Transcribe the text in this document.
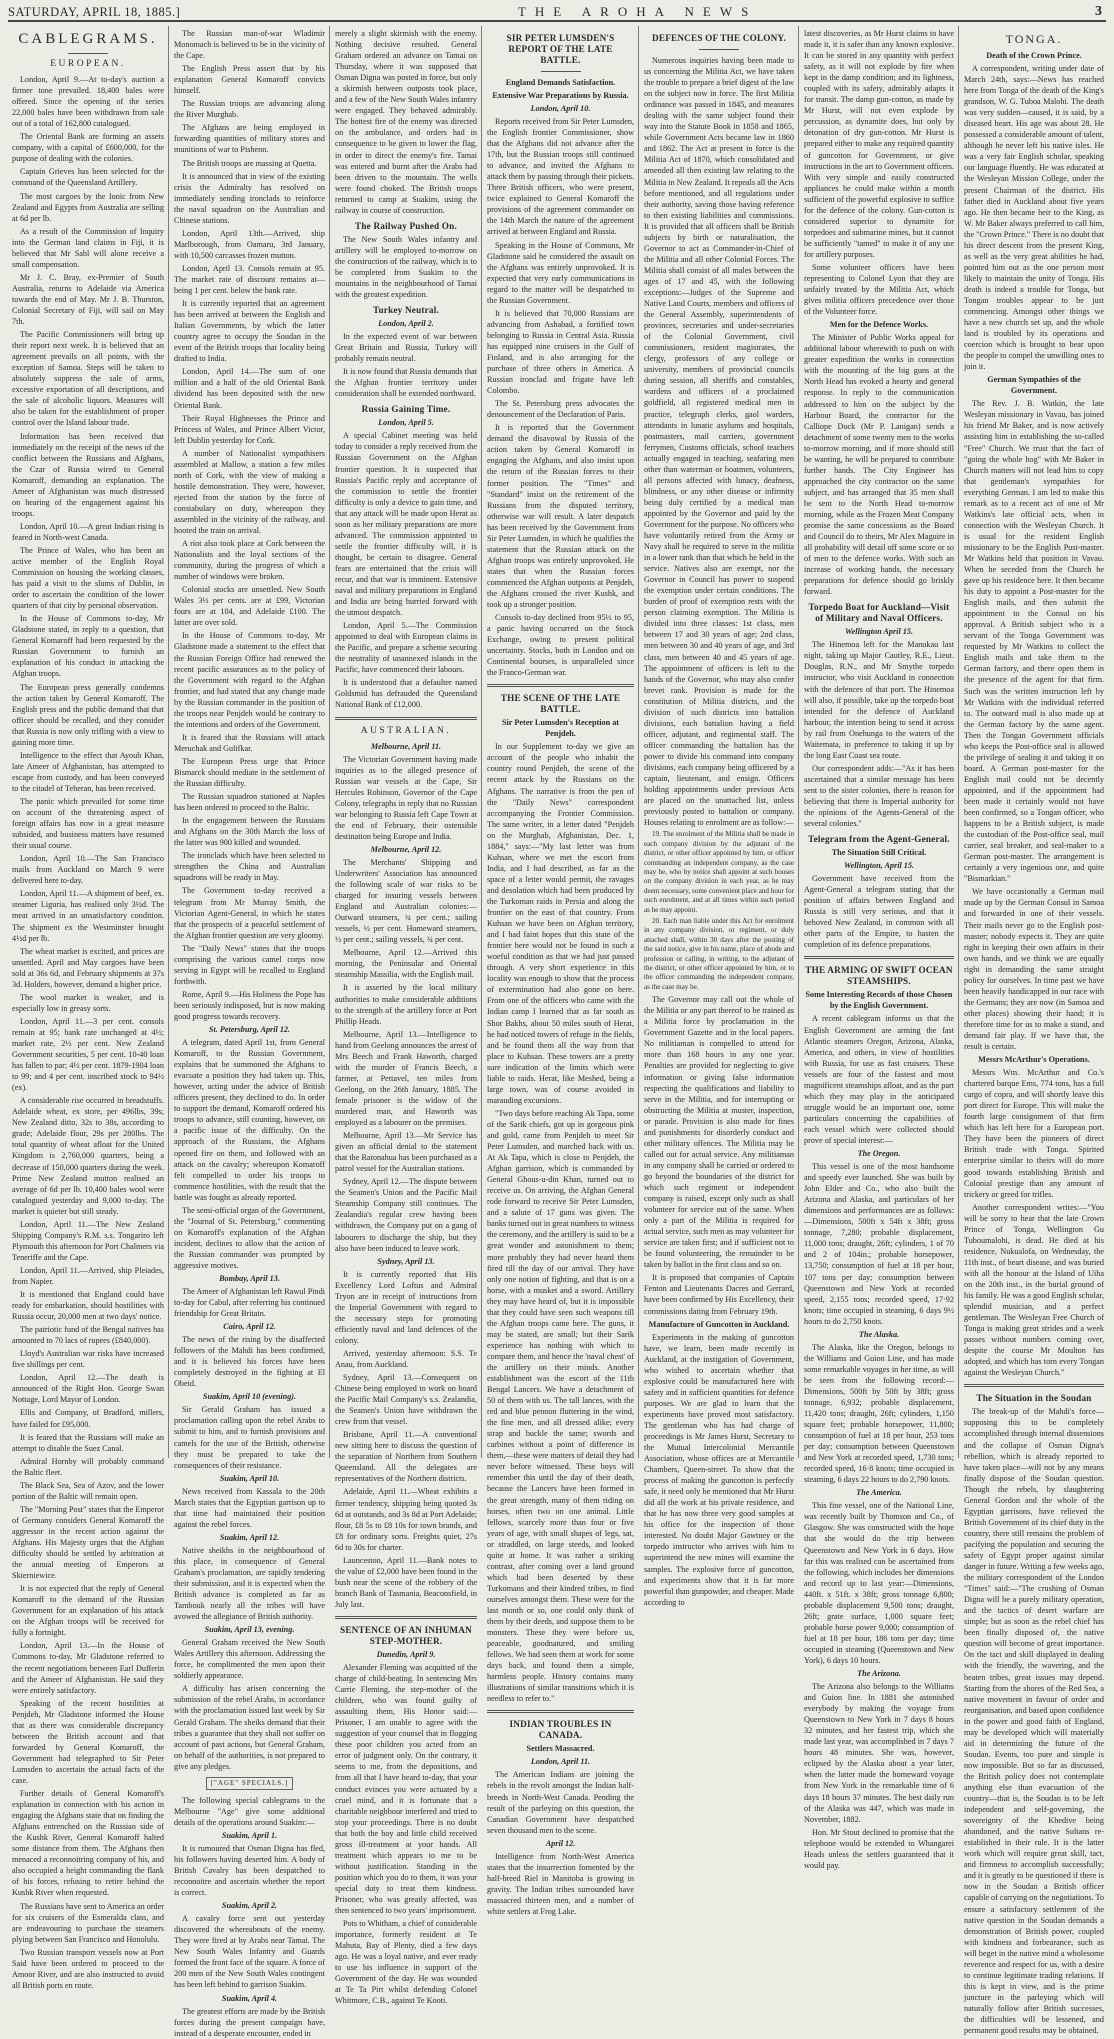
SATURDAY, APRIL 18, 1885.]	THE AROHA NEWS	3
CABLEGRAMS.
EUROPEAN.

London, April 9.—At to-day's auction a firmer tone prevailed. 18,400 bales were offered. Since the opening of the series 22,000 bales have been withdrawn from sale out of a total of 162,800 catalogued.

The Oriental Bank are forming an assets company, with a capital of £600,000, for the purpose of dealing with the colonies.

Captain Grieves has been selected for the command of the Queensland Artillery.

The most cargoes by the Ionic from New Zealand and Egypts from Australia are selling at 6d per lb.

As a result of the Commission of Inquiry into the German land claims in Fiji, it is believed that Mr Sahl will alone receive a small compensation.

Mr J. C. Bray, ex-Premier of South Australia, returns to Adelaide via America towards the end of May. Mr J. B. Thurston, Colonial Secretary of Fiji, will sail on May 7th.

The Pacific Commissioners will bring up their report next week. It is believed that an agreement prevails on all points, with the exception of Samoa. Steps will be taken to absolutely suppress the sale of arms, excessive exportation of all descriptions, and the sale of alcoholic liquors. Measures will also be taken for the establishment of proper control over the Island labour trade.

Information has been received that immediately on the receipt of the news of the conflict between the Russians and Afghans, the Czar of Russia wired to General Komaroff, demanding an explanation. The Ameer of Afghanistan was much distressed on hearing of the engagement against his troops.

London, April 10.—A great Indian rising is feared in North-west Canada.

The Prince of Wales, who has been an active member of the English Royal Commission on housing the working classes, has paid a visit to the slums of Dublin, in order to ascertain the condition of the lower quarters of that city by personal observation.

In the House of Commons to-day, Mr Gladstone stated, in reply to a question, that General Komaroff had been requested by the Russian Government to furnish an explanation of his conduct in attacking the Afghan troops.

The European press generally condemns the action taken by General Komaroff. The English press and the public demand that that officer should be recalled, and they consider that Russia is now only trifling with a view to gaining more time.

Intelligence to the effect that Ayoub Khan, late Ameer of Afghanistan, has attempted to escape from custody, and has been conveyed to the citadel of Teheran, has been received.

The panic which prevailed for some time on account of the threatening aspect of foreign affairs has now in a great measure subsided, and business matters have resumed their usual course.

London, April 10.—The San Francisco mails from Auckland on March 9 were delivered here to-day.

London, April 11.—A shipment of beef, ex. steamer Liguria, has realised only 3½d. The meat arrived in an unsatisfactory condition. The shipment ex the Westminster brought 4½d per lb.

The wheat market is excited, and prices are unsettled. April and May cargoes have been sold at 36s 6d, and February shipments at 37s 3d. Holders, however, demand a higher price.

The wool market is weaker, and is especially low in greasy sorts.

London, April 11.—3 per cent. consols remain at 95; bank rate unchanged at 4½; market rate, 2½ per cent. New Zealand Government securities, 5 per cent. 10-40 loan has fallen to par; 4½ per cent. 1879-1904 loan to 99; and 4 per cent. inscribed stock to 94½ (ex).

A considerable rise occurred in breadstuffs. Adelaide wheat, ex store, per 496lbs, 39s; New Zealand ditto, 32s to 38s, according to grade; Adelaide flour, 29s per 280lbs. The total quantity of wheat afloat for the United Kingdom is 2,760,000 quarters, being a decrease of 150,000 quarters during the week. Prime New Zealand mutton realised an average of 6d per lb. 10,400 bales wool were catalogued yesterday and 9,000 to-day. The market is quieter but still steady.

London, April 11.—The New Zealand Shipping Company's R.M. s.s. Tongariro left Plymouth this afternoon for Port Chalmers via Teneriffe and the Cape.

London, April 11.—Arrived, ship Pleiades, from Napier.

It is mentioned that England could have ready for embarkation, should hostilities with Russia occur, 20,000 men at two days' notice.

The patriotic fund of the Bengal natives has amounted to 70 lacs of rupees (£840,000).

Lloyd's Australian war risks have increased five shillings per cent.

London, April 12.—The death is announced of the Right Hon. George Swan Nottage, Lord Mayor of London.

Ellis and Company, of Bradford, millers, have failed for £95,000.

It is feared that the Russians will make an attempt to disable the Suez Canal.

Admiral Hornby will probably command the Baltic fleet.

The Black Sea, Sea of Azov, and the lower portion of the Baltic will remain open.

The "Morning Post" states that the Emperor of Germany considers General Komaroff the aggressor in the recent action against the Afghans. His Majesty urges that the Afghan difficulty should be settled by arbitration at the annual meeting of Emperors at Skierniewice.

It is not expected that the reply of General Komaroff to the demand of the Russian Government for an explanation of his attack on the Afghan troops will be received for fully a fortnight.

London, April 13.—In the House of Commons to-day, Mr Gladstone referred to the recent negotiations between Earl Dufferin and the Ameer of Afghanistan. He said they were entirely satisfactory.

Speaking of the recent hostilities at Penjdeh, Mr Gladstone informed the House that as there was considerable discrepancy between the British account and that forwarded by General Komaroff, the Government had telegraphed to Sir Peter Lumsden to ascertain the actual facts of the case.

Further details of General Komaroff's explanation in connection with his action in engaging the Afghans state that on finding the Afghans entrenched on the Russian side of the Kushk River, General Komaroff halted some distance from them. The Afghans then menaced a reconnoitring company of his, and also occupied a height commanding the flank of his forces, refusing to retire behind the Kushk River when requested.

The Russians have sent to America an order for six cruisers of the Esmeralda class, and are endeavouring to purchase the steamers plying between San Francisco and Honolulu.

Two Russian transport vessels now at Port Said have been ordered to proceed to the Amoor River, and are also instructed to avoid all British ports en route.

The Russian man-of-war Wladimir Monomach is believed to be in the vicinity of the Cape.

The English Press assert that by his explanation General Komaroff convicts himself.

The Russian troops are advancing along the River Murghab.

The Afghans are being employed in forwarding quantities of military stores and munitions of war to Pishenn.

The British troops are massing at Quetta.

It is announced that in view of the existing crisis the Admiralty has resolved on immediately sending ironclads to reinforce the naval squadron on the Australian and Chinese stations.

London, April 13th.—Arrived, ship Marlborough, from Oamaru, 3rd January, with 10,500 carcasses frozen mutton.

London, April 13. Consols remain at 95. The market rate of discount remains at—being 1 per cent. below the bank rate.

It is currently reported that an agreement has been arrived at between the English and Italian Governments, by which the latter country agree to occupy the Soudan in the event of the British troops that locality being drafted to India.

London, April 14.—The sum of one million and a half of the old Oriental Bank dividend has been deposited with the new Oriental Bank.

Their Royal Highnesses the Prince and Princess of Wales, and Prince Albert Victor, left Dublin yesterday for Cork.

A number of Nationalist sympathisers assembled at Mallow, a station a few miles north of Cork, with the view of making a hostile demonstration. They were, however, ejected from the station by the force of constabulary on duty, whereupon they assembled in the vicinity of the railway, and hooted the train on arrival.

A riot also took place at Cork between the Nationalists and the loyal sections of the community, during the progress of which a number of windows were broken.

Colonial stocks are unsettled. New South Wales 3½ per cents. are at £99, Victorian fours are at 104, and Adelaide £100. The latter are over sold.

In the House of Commons to-day, Mr Gladstone made a statement to the effect that the Russian Foreign Office had renewed the recent pacific assurances as to the policy of the Government with regard to the Afghan frontier, and had stated that any change made by the Russian commander in the position of the troops near Penjdeh would be contrary to the intentions and orders of the Government.

It is feared that the Russians will attack Meruchak and Gulifkar.

The European Press urge that Prince Bismarck should mediate in the settlement of the Russian difficulty.

The Russian squadron stationed at Naples has been ordered to proceed to the Baltic.

In the engagement between the Russians and Afghans on the 30th March the loss of the latter was 900 killed and wounded.

The ironclads which have been selected to strengthen the China and Australian squadrons will be ready in May.

The Government to-day received a telegram from Mr Murray Smith, the Victorian Agent-General, in which he states that the prospects of a peaceful settlement of the Afghan frontier question are very gloomy.

The "Daily News" states that the troops comprising the various camel corps now serving in Egypt will be recalled to England forthwith.

Rome, April 9.—His Holiness the Pope has been seriously indisposed, but is now making good progress towards recovery.

St. Petersburg, April 12.

A telegram, dated April 1st, from General Komaroff, to the Russian Government, explains that he summoned the Afghans to evacuate a position they had taken up. This, however, acting under the advice of British officers present, they declined to do. In order to support the demand, Komaroff ordered his troops to advance, still counting, however, on a pacific issue of the difficulty. On the approach of the Russians, the Afghans opened fire on them, and followed with an attack on the cavalry; whereupon Komaroff felt compelled to order his troops to commence hostilities, with the result that the battle was fought as already reported.

The semi-official organ of the Government, the "Journal of St. Petersburg," commenting on Komaroff's explanation of the Afghan incident, declines to allow that the action of the Russian commander was prompted by aggressive motives.

Bombay, April 13.

The Ameer of Afghanistan left Rawul Pindi to-day for Cabul, after referring his continued friendship for Great Britain.

Cairo, April 12.

The news of the rising by the disaffected followers of the Mahdi has been confirmed, and it is believed his forces have been completely destroyed in the fighting at El Obeid.

Suakim, April 10 (evening).

Sir Gerald Graham has issued a proclamation calling upon the rebel Arabs to submit to him, and to furnish provisions and camels for the use of the British, otherwise they must be prepared to take the consequences of their resistance.

Suakim, April 10.

News received from Kassala to the 20th March states that the Egyptian garrison up to that time had maintained their position against the rebel forces.

Suakim, April 12.

Native sheikhs in the neighbourhood of this place, in consequence of General Graham's proclamation, are rapidly tendering their submission, and it is expected when the British advance is completed as far as Tambouk nearly all the tribes will have avowed the allegiance of British authority.

Suakim, April 13, evening.

General Graham received the New South Wales Artillery this afternoon. Addressing the force, he complimented the men upon their soldierly appearance.

A difficulty has arisen concerning the submission of the rebel Arabs, in accordance with the proclamation issued last week by Sir Gerald Graham. The sheiks demand that their tribes a guarantee that they shall not suffer on account of past actions, but General Graham, on behalf of the authorities, is not prepared to give any pledges.

["AGE" SPECIALS.]

The following special cablegrams to the Melbourne "Age" give some additional details of the operations around Suakim:—

Suakim, April 1.

It is rumoured that Osman Digna has fled, his followers having deserted him. A body of British Cavalry has been despatched to reconnoitre and ascertain whether the report is correct.

Suakim, April 2.

A cavalry force sent out yesterday discovered the whereabouts of the enemy. They were fired at by Arabs near Tamai. The New South Wales Infantry and Guards formed the front face of the square. A force of 200 men of the New South Wales contingent has been left behind to garrison Suakim.

Suakim, April 4.

The greatest efforts are made by the British forces during the present campaign have, instead of a desperate encounter, ended in

merely a slight skirmish with the enemy. Nothing decisive resulted. General Graham ordered an advance on Tamai on Thursday, where it was supposed that Osman Digna was posted in force, but only a skirmish between outposts took place, and a few of the New South Wales infantry were engaged. They behaved admirably. The hottest fire of the enemy was directed on the ambulance, and orders had in consequence to be given to lower the flag, in order to direct the enemy's fire. Tamai was entered and burnt after the Arabs had been driven to the mountain. The wells were found choked. The British troops returned to camp at Suakim, using the railway in course of construction.

The Railway Pushed On.

The New South Wales infantry and artillery will be employed to-morrow on the construction of the railway, which is to be completed from Suakim to the mountains in the neighbourhood of Tamai with the greatest expedition.

Turkey Neutral.
London, April 2.

In the expected event of war between Great Britain and Russia, Turkey will probably remain neutral.

It is now found that Russia demands that the Afghan frontier territory under consideration shall be extended northward.

Russia Gaining Time.
London, April 5.

A special Cabinet meeting was held today to consider a reply received from the Russian Government on the Afghan frontier question. It is suspected that Russia's Pacific reply and acceptance of the commission to settle the frontier difficulty is only a device to gain time, and that any attack will be made upon Herat as soon as her military preparations are more advanced. The commission appointed to settle the frontier difficulty will, it is thought, be certain to disagree. General fears are entertained that the crisis will recur, and that war is imminent. Extensive naval and military preparations in England and India are being hurried forward with the utmost despatch.

London, April 5.—The Commission appointed to deal with European claims in the Pacific, and prepare a scheme securing the neutrality of unannexed islands in the Pacific, have commenced their labours.

It is understood that a defaulter named Goldsmid has defrauded the Queensland National Bank of £12,000.

AUSTRALIAN.
Melbourne, April 11.

The Victorian Government having made inquiries as to the alleged presence of Russian war vessels at the Cape, Sir Hercules Robinson, Governor of the Cape Colony, telegraphs in reply that no Russian war belonging to Russia left Cape Town at the end of February, their ostensible destination being Europe and India.

Melbourne, April 12.

The Merchants' Shipping and Underwriters' Association has announced the following scale of war risks to be charged for insuring vessels between England and Australian colonies:—Outward steamers, ¾ per cent.; sailing vessels, ½ per cent. Homeward steamers, ½ per cent.; sailing vessels, ¾ per cent.

Melbourne, April 12.—Arrived this morning, the Peninsular and Oriental steamship Massilia, with the English mail.

It is asserted by the local military authorities to make considerable additions to the strength of the artillery force at Port Phillip Heads.

Melbourne, April 13.—Intelligence to hand from Geelong announces the arrest of Mrs Beech and Frank Haworth, charged with the murder of Francis Beech, a farmer, at Pettavel, ten miles from Geelong, on the 26th January, 1885. The female prisoner is the widow of the murdered man, and Haworth was employed as a labourer on the premises.

Melbourne, April 13.—Mr Service has given an official denial to the statement that the Ratonahua has been purchased as a patrol vessel for the Australian stations.

Sydney, April 12.—The dispute between the Seamen's Union and the Pacific Mail Steamship Company still continues. The Zealandia's regular crew having been withdrawn, the Company put on a gang of labourers to discharge the ship, but they also have been induced to leave work.

Sydney, April 13.

It is currently reported that His Excellency Lord Loftus and Admiral Tryon are in receipt of instructions from the Imperial Government with regard to the necessary steps for promoting efficiently naval and land defences of the colony.

Arrived, yesterday afternoon: S.S. Te Anau, from Auckland.

Sydney, April 13.—Consequent on Chinese being employed to work on board the Pacific Mail Company's s.s. Zealandia, the Seamen's Union have withdrawn the crew from that vessel.

Brisbane, April 11.—A conventional new sitting here to discuss the question of the separation of Northern from Southern Queensland. All the delegates are representatives of the Northern districts.

Adelaide, April 11.—Wheat exhibits a firmer tendency, shipping being quoted 3s 6d at outstands, and 3s 8d at Port Adelaide; flour, £8 5s to £8 10s for town brands, and £8 for ordinary sorts. Freights quiet, 27s 6d to 30s for charter.

Launceston, April 11.—Bank notes to the value of £2,000 have been found in the bush near the scene of the robbery of the branch Bank of Tasmania, Beaconsfield, in July last.

SENTENCE OF AN INHUMAN STEP-MOTHER.
Dunedin, April 9.

Alexander Fleming was acquitted of the charge of child-beating. In sentencing Mrs Carrie Fleming, the step-mother of the children, who was found guilty of assaulting them, His Honor said:—Prisoner, I am unable to agree with the suggestion of your counsel that in flogging these poor children you acted from an error of judgment only. On the contrary, it seems to me, from the depositions, and from all that I have heard to-day, that your conduct evinces you were actuated by a cruel mind, and it is fortunate that a charitable neighbour interfered and tried to stop your proceedings. There is no doubt that both the boy and little child received gross ill-treatment at your hands. All treatment which appears to me to be without justification. Standing in the position which you do to them, it was your special duty to treat them kindness. Prisoner, who was greatly affected, was then sentenced to two years' imprisonment.

Pots to Whitham, a chief of considerable importance, formerly resident at Te Mahuta, Bay of Plenty, died a few days ago. He was a loyal native, and ever ready to use his influence in support of the Government of the day. He was wounded at Te Ta Pirt whilst defending Colonel Whitmore, C.B., against Te Kooti.

SIR PETER LUMSDEN'S REPORT OF THE LATE BATTLE.
England Demands Satisfaction.
Extensive War Preparations by Russia.
London, April 10.

Reports received from Sir Peter Lumsden, the English frontier Commissioner, show that the Afghans did not advance after the 17th, but the Russian troops still continued to advance, and invited the Afghans to attack them by passing through their pickets. Three British officers, who were present, twice explained to General Komaroff the provisions of the agreement commander on the 14th March the nature of the agreement arrived at between England and Russia.

Speaking in the House of Commons, Mr Gladstone said he considered the assault on the Afghans was entirely unprovoked. It is expected that very early communications in regard to the matter will be despatched to the Russian Government.

It is believed that 70,000 Russians are advancing from Ashabad, a fortified town belonging to Russia in Central Asia. Russia has equipped nine cruisers in the Gulf of Finland, and is also arranging for the purchase of three others in America. A Russian ironclad and frigate have left Colombo.

The St. Petersburg press advocates the denouncement of the Declaration of Paris.

It is reported that the Government demand the disavowal by Russia of the action taken by General Komaroff in engaging the Afghans, and also insist upon the return of the Russian forces to their former position. The "Times" and "Standard" insist on the retirement of the Russians from the disputed territory, otherwise war will result. A later despatch has been received by the Government from Sir Peter Lumsden, in which he qualifies the statement that the Russian attack on the Afghan troops was entirely unprovoked. He states that when the Russian forces commenced the Afghan outposts at Penjdeh, the Afghans crossed the river Kushk, and took up a stronger position.

Consols to-day declined from 95½ to 95, a panic having occurred on the Stock Exchange, owing to present political uncertainty. Stocks, both in London and on Continental bourses, is unparalleled since the Franco-German war.

THE SCENE OF THE LATE BATTLE.
Sir Peter Lumsden's Reception at Penjdeh.

In our Supplement to-day we give an account of the people who inhabit the country round Penjdeh, the scene of the recent attack by the Russians on the Afghans. The narrative is from the pen of the "Daily News" correspondent accompanying the Frontier Commission. The same writer, in a letter dated "Penjdeh on the Murghab, Afghanistan, Dec. 1, 1884," says:—"My last letter was from Kuhsan, where we met the escort from India, and I had described, as far as the space of a letter would permit, the ravages and desolation which had been produced by the Turkoman raids in Persia and along the frontier on the east of that country. From Kuhsan we have been on Afghan territory, and I had faint hopes that this state of the frontier here would not be found in such a woeful condition as that we had just passed through. A very short experience in this locality was enough to show that the process of extermination had also gone on here. From one of the officers who came with the Indian camp I learned that as far south as Shor Bakhs, about 50 miles south of Herat, he had noticed towers of refuge in the fields, and he found them all the way from that place to Kuhsan. These towers are a pretty sure indication of the limits which were liable to raids. Herat, like Meshed, being a large town, was of course avoided in marauding excursions.

"Two days before reaching Ak Tapa, some of the Sarik chiefs, got up in gorgeous pink and gold, came from Penjdeh to meet Sir Peter Lumsden, and marched back with us. At Ak Tapa, which is close to Penjdeh, the Afghan garrison, which is commanded by General Ghous-u-din Khan, turned out to receive us. On arriving, the Afghan General rode forward to receive Sir Peter Lumsden, and a salute of 17 guns was given. The banks turned out in great numbers to witness the ceremony, and the artillery is said to be a great wonder and astonishment to them; more probably they had never heard them fired till the day of our arrival. They have only one notion of fighting, and that is on a horse, with a musket and a sword. Artillery they may have heard of, but it is impossible that they could have seen such weapons till the Afghan troops came here. The guns, it may be stated, are small; but their Sarik experience has nothing with which to compare them, and hence the 'naval chest' of the artillery on their minds. Another establishment was the escort of the 11th Bengal Lancers. We have a detachment of 50 of them with us. The tall lances, with the red and blue pennon fluttering in the wind, the fine men, and all dressed alike; every strap and buckle the same; swords and carbines without a point of difference in them,—these were matters of detail they had never before witnessed. These boys will remember this until the day of their death, because the Lancers have been formed in the great strength, many of them riding on horses, often two on one animal. Little fellows, scarcely more than four or five years of age, with small shapes of legs, sat, or straddled, on large steeds, and looked quite at home. It was rather a striking contrast, after coming over a land ground which had been deserted by these Turkomans and their kindred tribes, to find ourselves amongst them. These were for the last month or so, one could only think of them by their deeds, and suppose them to be monsters. These they were before us, peaceable, goodnatured, and smiling fellows. We had seen them at work for some days back, and found them a simple, harmless people. History contains many illustrations of similar transitions which it is needless to refer to."

INDIAN TROUBLES IN CANADA.
Settlers Massacred.
London, April 11.

The American Indians are joining the rebels in the revolt amongst the Indian half-breeds in North-West Canada. Pending the result of the parleying on this question, the Canadian Government have despatched seven thousand men to the scene.

April 12.

Intelligence from North-West America states that the insurrection fomented by the half-breed Riel in Manitoba is growing in gravity. The Indian tribes surrounded have massacred thirteen men, and a number of white settlers at Frog Lake.

DEFENCES OF THE COLONY.

Numerous inquiries having been made to us concerning the Militia Act, we have taken the trouble to prepare a brief digest of the law on the subject now in force. The first Militia ordinance was passed in 1845, and measures dealing with the same subject found their way into the Statute Book in 1858 and 1865, while Government Acts became law in 1860 and 1862. The Act at present in force is the Militia Act of 1870, which consolidated and amended all then existing law relating to the Militia in New Zealand. It repeals all the Acts before mentioned, and all regulations under their authority, saving those having reference to then existing liabilities and commissions. It is provided that all officers shall be British subjects by birth or naturalisation, the Governor to act as Commander-in-Chief of the Militia and all other Colonial Forces. The Militia shall consist of all males between the ages of 17 and 45, with the following exceptions:—Judges of the Supreme and Native Land Courts, members and officers of the General Assembly, superintendents of provinces, secretaries and under-secretaries of the Colonial Government, civil commissioners, resident magistrates, the clergy, professors of any college or university, members of provincial councils during session, all sheriffs and constables, wardens and officers of a proclaimed goldfield, all registered medical men in practice, telegraph clerks, gaol warders, attendants in lunatic asylums and hospitals, postmasters, mail carriers, government ferrymen, Customs officials, school teachers actually engaged in teaching, seafaring men other than waterman or boatmen, volunteers, all persons affected with lunacy, deafness, blindness, or any other disease or infirmity being duly certified by a medical man appointed by the Governor and paid by the Government for the purpose. No officers who have voluntarily retired from the Army or Navy shall be required to serve in the militia in a lower rank than that which he held in the service. Natives also are exempt, nor the Governor in Council has power to suspend the exemption under certain conditions. The burden of proof of exemption rests with the person claiming exemption. The Militia is divided into three classes: 1st class, men between 17 and 30 years of age; 2nd class, men between 30 and 40 years of age, and 3rd class, men between 40 and 45 years of age. The appointment of officers is left to the hands of the Governor, who may also confer brevet rank. Provision is made for the constitution of Militia districts, and the division of such districts into battalion divisions, each battalion having a field officer, adjutant, and regimental staff. The officer commanding the battalion has the power to divide his command into company divisions, each company being officered by a captain, lieutenant, and ensign. Officers holding appointments under previous Acts are placed on the unattached list, unless previously posted to battalion or company. Houses relating to enrolment are as follow:—

19. The enrolment of the Militia shall be made in each company division by the adjutant of the district, or other officer appointed by him, or officer commanding an independent company, as the case may be, who by notice shall appoint at such houses on the company division in each year, as he may deem necessary, some convenient place and hour for such enrolment, and at all times within such period as he may appoint.

20. Each man liable under this Act for enrolment in any company division, or regiment, or duly attached shall, within 30 days after the posting of the said notice, give in his name, place of abode and profession or calling, in writing, to the adjutant of the district, or other officer appointed by him, or to the officer commanding the independent company, as the case may be.

The Governor may call out the whole of the Militia or any part thereof to be trained as a Militia force by proclamation in the Government Gazette and in the local papers. No militiaman is compelled to attend for more than 168 hours in any one year. Penalties are provided for neglecting to give information or giving false information respecting the qualifications and liability to serve in the Militia, and for interrupting or obstructing the Militia at muster, inspection, or parade. Provision is also made for fines and punishments for disorderly conduct and other military offences. The Militia may be called out for actual service. Any militiaman in any company shall be carried or ordered to go beyond the boundaries of the district for which such regiment or independent company is raised, except only such as shall volunteer for service out of the same. When only a part of the Militia is required for actual service, such men as may volunteer for service are taken first; and if sufficient not to be found volunteering, the remainder to be taken by ballot in the first class and so on.

It is proposed that companies of Captain Fenton and Lieutenants Dacres and Gerrard, have been confirmed by His Excellency, their commissions dating from February 19th.

Manufacture of Guncotton in Auckland.

Experiments in the making of guncotton have, we learn, been made recently in Auckland, at the instigation of Government, who wished to ascertain whether that explosive could be manufactured here with safety and in sufficient quantities for defence purposes. We are glad to learn that the experiments have proved most satisfactory. The gentleman who has had charge of proceedings is Mr James Hurst, Secretary to the Mutual Intercolonial Mercantile Association, whose offices are at Mercantile Chambers, Queen-street. To show that the process of making the guncotton is perfectly safe, it need only be mentioned that Mr Hurst did all the work at his private residence, and that he has now three very good samples at his office for the inspection of those interested. No doubt Major Gawtney or the torpedo instructor who arrives with him to superintend the new mines will examine the samples. The explosive force of guncotton, and experiments show that it is far more powerful than gunpowder, and cheaper. Made according to

latest discoveries, as Mr Hurst claims to have made it, it is safer than any known explosive. It can be stored in any quantity with perfect safety, as it will not explode by fire when kept in the damp condition; and its lightness, coupled with its safety, admirably adapts it for transit. The damp gun-cotton, as made by Mr Hurst, will not even explode by percussion, as dynamite does, but only by detonation of dry gun-cotton. Mr Hurst is prepared either to make any required quantity of guncotton for Government, or give instructions in the art to Government officers. With very simple and easily constructed appliances he could make within a month sufficient of the powerful explosive to suffice for the defence of the colony. Gun-cotton is considered superior to dynamite for torpedoes and submarine mines, but it cannot be sufficiently "tamed" to make it of any use for artillery purposes.

Some volunteer officers have been representing to Colonel Lyon that they are unfairly treated by the Militia Act, which gives militia officers precedence over those of the Volunteer force.

Men for the Defence Works.

The Minister of Public Works appeal for additional labour wherewith to push on with greater expedition the works in connection with the mounting of the big guns at the North Head has evoked a hearty and general response. In reply to the communication addressed to him on the subject by the Harbour Board, the contractor for the Calliope Dock (Mr P. Lanigan) sends a detachment of some twenty men to the works to-morrow morning, and if more should still be wanting, he will be prepared to contribute further hands. The City Engineer has approached the city contractor on the same subject, and has arranged that 35 men shall be sent to the North Head to-morrow morning, while as the Frozen Meat Company promise the same concessions as the Board and Council do to theirs, Mr Alex Maguire in all probability will detail off some score or so of men to the defence works. With such an increase of working hands, the necessary preparations for defence should go briskly forward.

Torpedo Boat for Auckland—Visit of Military and Naval Officers.
Wellington April 15.

The Hinemoa left for the Manukau last night, taking up Major Cautley, R.E., Lieut. Douglas, R.N., and Mr Smythe torpedo instructor, who visit Auckland in connection with the defences of that port. The Hinemoa will also, if possible, take up the torpedo boat intended for the defence of Auckland harbour, the intention being to send it across by rail from Onehunga to the waters of the Waitemata, in preference to taking it up by the long East Coast sea route.

Our correspondent adds:—"As it has been ascertained that a similar message has been sent to the sister colonies, there is reason for believing that there is Imperial authority for the opinions of the Agents-General of the several colonies."

Telegram from the Agent-General.
The Situation Still Critical.
Wellington, April 15.

Government have received from the Agent-General a telegram stating that the position of affairs between England and Russia is still very serious, and that it behoved New Zealand, in common with all other parts of the Empire, to hasten the completion of its defence preparations.

THE ARMING OF SWIFT OCEAN STEAMSHIPS.
Some Interesting Records of those Chosen by the English Government.

A recent cablegram informs us that the English Government are arming the fast Atlantic steamers Oregon, Arizona, Alaska, America, and others, in view of hostilities with Russia, for use as fast cruisers. These vessels are four of the fastest and most magnificent steamships afloat, and as the part which they may play in the anticipated struggle would be an important one, some particulars concerning the capabilities of each vessel which were collected should prove of special interest:—

The Oregon.

This vessel is one of the most handsome and speedy ever launched. She was built by John Elder and Co., who also built the Arizona and Alaska, and particulars of her dimensions and performances are as follows:—Dimensions, 500ft x 54ft x 38ft; gross tonnage, 7,280; probable displacement, 11,000 tons; draught, 26ft; cylinders, 1 of 70 and 2 of 104in.; probable horsepower, 13,750; consumption of fuel at 18 per hour, 107 tons per day; consumption between Queenstown and New York at recorded speed, 2,155 tons; recorded speed, 17·92 knots; time occupied in steaming, 6 days 9½ hours to do 2,750 knots.

The Alaska.

The Alaska, like the Oregon, belongs to the Williams and Guion Line, and has made some remarkable voyages in her time, as will be seen from the following record:—Dimensions, 500ft by 50ft by 38ft; gross tonnage, 6,932; probable displacement, 11,420 tons; draught, 26ft; cylinders, 1,150 square feet; probable horsepower, 11,800; consumption of fuel at 18 per hour, 253 tons per day; consumption between Queenstown and New York at recorded speed, 1,730 tons; recorded speed, 16·8 knots; time occupied in steaming, 6 days 22 hours to do 2,790 knots.

The America.

This fine vessel, one of the National Line, was recently built by Thomson and Co., of Glasgow. She was constructed with the hope that she would do the trip between Queenstown and New York in 6 days. How far this was realised can be ascertained from the following, which includes her dimensions and record up to last year:—Dimensions, 440ft. x 51ft. x 38ft; gross tonnage 6,800; probable displacement 9,500 tons; draught, 26ft; grate surface, 1,000 square feet; probable horse power 9,000; consumption of fuel at 18 per hour, 186 tons per day; time occupied in steaming (Queenstown and New York), 6 days 10 hours.

The Arizona.

The Arizona also belongs to the Williams and Guion line. In 1881 she astonished everybody by making the voyage from Queenstown to New York in 7 days 8 hours 32 minutes, and her fastest trip, which she made last year, was accomplished in 7 days 7 hours 48 minutes. She was, however, eclipsed by the Alaska about a year later, when the latter made the homeward voyage from New York in the remarkable time of 6 days 18 hours 37 minutes. The best daily run of the Alaska was 447, which was made in November, 1882.

Hon. Mr Stout declined to promise that the telephone would be extended to Whangarei Heads unless the settlers guaranteed that it would pay.

TONGA.
Death of the Crown Prince.

A correspondent, writing under date of March 24th, says:—News has reached here from Tonga of the death of the King's grandson, W. G. Tuboa Malohi. The death was very sudden—caused, it is said, by a diseased heart. His age was about 28. He possessed a considerable amount of talent, although he never left his native isles. He was a very fair English scholar, speaking our language fluently. He was educated at the Wesleyan Mission College, under the present Chairman of the district. His father died in Auckland about five years ago. He then became heir to the King, as W. Mr Baker always preferred to call him, the "Crown Prince." There is no doubt that his direct descent from the present King, as well as the very great abilities he had, pointed him out as the one person most likely to maintain the unity of Tonga. His death is indeed a trouble for Tonga, but Tongan troubles appear to be just commencing. Amongst other things we have a new church set up, and the whole land is troubled by its operations and coercion which is brought to bear upon the people to compel the unwilling ones to join it.

German Sympathies of the Government.

The Rev. J. B. Watkin, the late Wesleyan missionary in Vavau, has joined his friend Mr Baker, and is now actively assisting him in establishing the so-called "Free" Church. We trust that the fact of "going the whole hog" with Mr Baker in Church matters will not lead him to copy that gentleman's sympathies for everything German. I am led to make this remark as to a recent act of one of Mr Watkins's late official acts, when in connection with the Wesleyan Church. It is usual for the resident English missionary to be the English Post-master. Mr Watkins held that position in Vavau. When he seceded from the Church he gave up his residence here. It then became his duty to appoint a Post-master for the English mails, and then submit the appointment to the Consul on his approval. A British subject who is a servant of the Tonga Government was requested by Mr Watkins to collect the English mails and take them to the German factory, and there open them in the presence of the agent for that firm. Such was the written instruction left by Mr Watkins with the individual referred to. The outward mail is also made up at the German factory by the same agent. Then the Tongan Government officials who keeps the Post-office seal is allowed the privilege of sealing it and taking it on board. A German post-master for the English mail could not be decently appointed, and if the appointment had been made it certainly would not have been confirmed, so a Tongan officer, who happens to be a British subject, is made the custodian of the Post-office seal, mail carrier, seal breaker, and seal-maker to a German post-master. The arrangement is certainly a very ingenious one, and quite "Bismarkian."

We have occasionally a German mail made up by the German Consul in Samoa and forwarded in one of their vessels. Their mails never go to the English post-master; nobody expects it. They are quite right in keeping their own affairs in their own hands, and we think we are equally right in demanding the same straight policy for ourselves. In time past we have been heavily handicapped in our race with the Germans; they are now (in Samoa and other places) showing their hand; it is therefore time for us to make a stand, and demand fair play. If we have that, the result is certain.

Messrs McArthur's Operations.

Messrs Wm. McArthur and Co.'s chartered barque Ems, 774 tons, has a full cargo of copra, and will shortly leave this port direct for Europe. This will make the fourth large consignment of that firm which has left here for a European port. They have been the pioneers of direct British trade with Tonga. Spirited enterprise similar to theirs will do more good towards establishing British and Colonial prestige than any amount of trickery or greed for trifles.

Another correspondent writes:—"You will be sorry to hear that the late Crown Prince of Tonga, Wellington Gu Tuboumalohi, is dead. He died at his residence, Nukualofa, on Wednesday, the 11th inst., of heart disease, and was buried with all the honour at the Island of Uiha on the 20th inst., in the burial ground of his family. He was a good English scholar, splendid musician, and a perfect gentleman. The Wesleyan Free Church of Tonga is making great strides and a week passes without numbers coming over, despite the course Mr Moulton has adopted, and which has torn every Tongan against the Wesleyan Church."

The Situation in the Soudan

The break-up of the Mahdi's force—supposing this to be completely accomplished through internal dissensions and the collapse of Osman Digna's rebellion, which is already reported to have taken place—will not by any means finally dispose of the Soudan question. Though the rebels, by slaughtering General Gordon and the whole of the Egyptian garrisons, have relieved the British Government of its chief duty in the country, there still remains the problem of pacifying the population and securing the safety of Egypt proper against similar danger in future. Writing a few weeks ago, the military correspondent of the London "Times" said:—"The crushing of Osman Digna will be a purely military operation, and the tactics of desert warfare are simple; but as soon as the rebel chief has been finally disposed of, the native question will become of great importance. On the tact and skill displayed in dealing with the friendly, the wavering, and the beaten tribes, great issues may depend. Starting from the shores of the Red Sea, a native movement in favour of order and reorganisation, and based upon confidence in the power and good faith of England, may be developed which will materially aid in determining the future of the Soudan. Events, too pure and simple is now impossible. But so far as discussed, the British policy does not contemplate anything else than evacuation of the country—that is, the Soudan is to be left independent and self-governing, the sovereignty of the Khedive being abandoned, and the native Sultans re-established in their rule. It is the latter work which will require great skill, tact, and firmness to accomplish successfully; and it is greatly to be questioned if there is now in the Soudan a British officer capable of carrying on the negotiations. To ensure a satisfactory settlement of the native question in the Soudan demands a demonstration of British power, coupled with kindness and forbearance, such as will beget in the native mind a wholesome reverence and respect for us, with a desire to continue legitimate trading relations. If this is kept in view, and is the prime juncture in the parleying which will naturally follow after British successes, the difficulties will be lessened, and permanent good results may be obtained.
